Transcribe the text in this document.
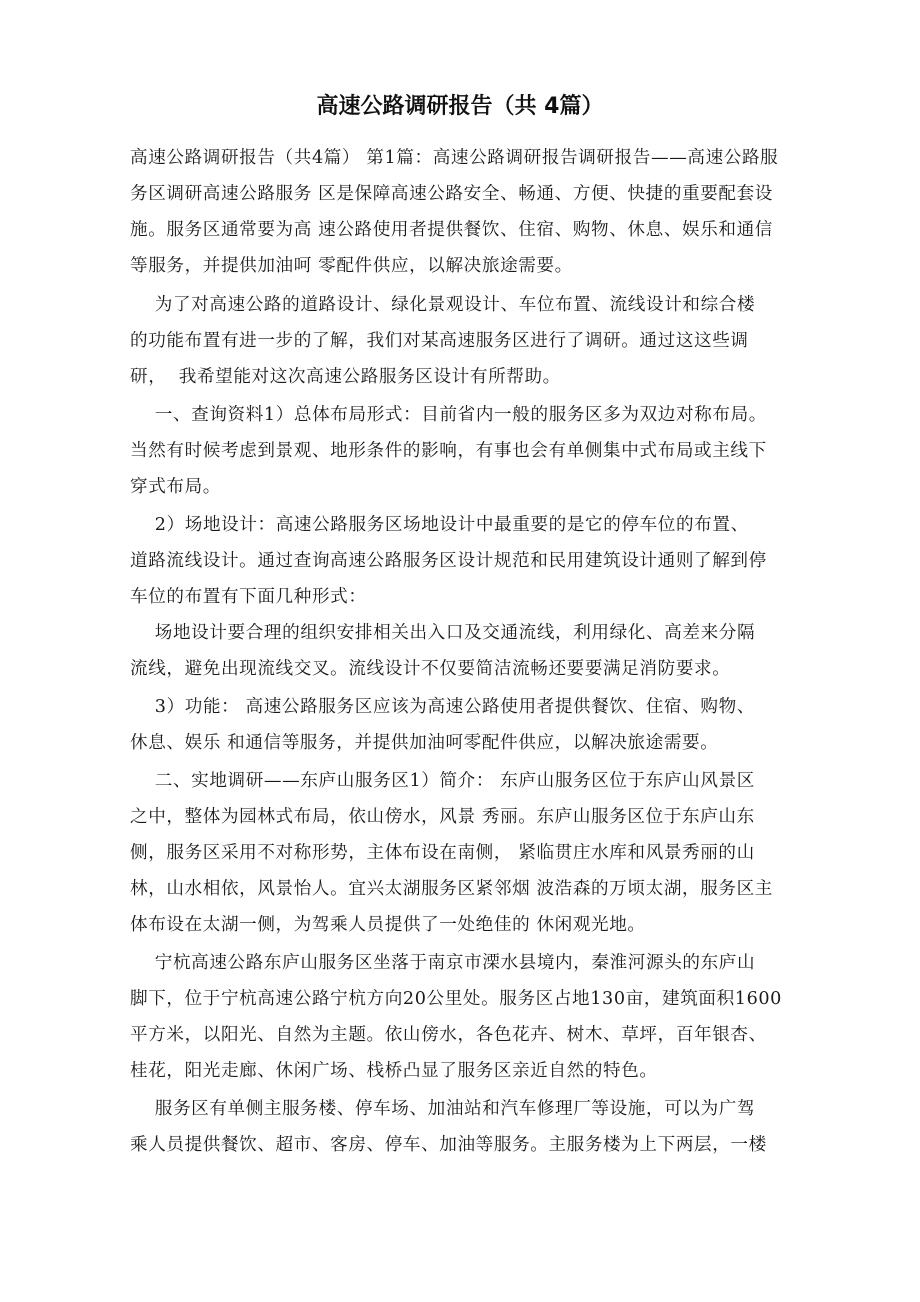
高速公路调研报告（共 4篇）
高速公路调研报告（共4篇） 第1篇：高速公路调研报告调研报告——高速公路服
务区调研高速公路服务 区是保障高速公路安全、畅通、方便、快捷的重要配套设
施。服务区通常要为高 速公路使用者提供餐饮、住宿、购物、休息、娱乐和通信
等服务，并提供加油呵 零配件供应，以解决旅途需要。
为了对高速公路的道路设计、绿化景观设计、车位布置、流线设计和综合楼
的功能布置有进一步的了解，我们对某高速服务区进行了调研。通过这这些调
研，  我希望能对这次高速公路服务区设计有所帮助。
一、查询资料1）总体布局形式：目前省内一般的服务区多为双边对称布局。
当然有时候考虑到景观、地形条件的影响，有事也会有单侧集中式布局或主线下
穿式布局。
2）场地设计：高速公路服务区场地设计中最重要的是它的停车位的布置、
道路流线设计。通过查询高速公路服务区设计规范和民用建筑设计通则了解到停
车位的布置有下面几种形式：
场地设计要合理的组织安排相关出入口及交通流线，利用绿化、高差来分隔
流线，避免出现流线交叉。流线设计不仅要简洁流畅还要要满足消防要求。
3）功能： 高速公路服务区应该为高速公路使用者提供餐饮、住宿、购物、
休息、娱乐 和通信等服务，并提供加油呵零配件供应，以解决旅途需要。
二、实地调研——东庐山服务区1）简介： 东庐山服务区位于东庐山风景区
之中，整体为园林式布局，依山傍水，风景 秀丽。东庐山服务区位于东庐山东
侧，服务区采用不对称形势，主体布设在南侧， 紧临贯庄水库和风景秀丽的山
林，山水相依，风景怡人。宜兴太湖服务区紧邻烟 波浩森的万顷太湖，服务区主
体布设在太湖一侧，为驾乘人员提供了一处绝佳的 休闲观光地。
宁杭高速公路东庐山服务区坐落于南京市溧水县境内，秦淮河源头的东庐山
脚下，位于宁杭高速公路宁杭方向20公里处。服务区占地130亩，建筑面积1600
平方米，以阳光、自然为主题。依山傍水，各色花卉、树木、草坪，百年银杏、
桂花，阳光走廊、休闲广场、栈桥凸显了服务区亲近自然的特色。
服务区有单侧主服务楼、停车场、加油站和汽车修理厂等设施，可以为广驾
乘人员提供餐饮、超市、客房、停车、加油等服务。主服务楼为上下两层，一楼
